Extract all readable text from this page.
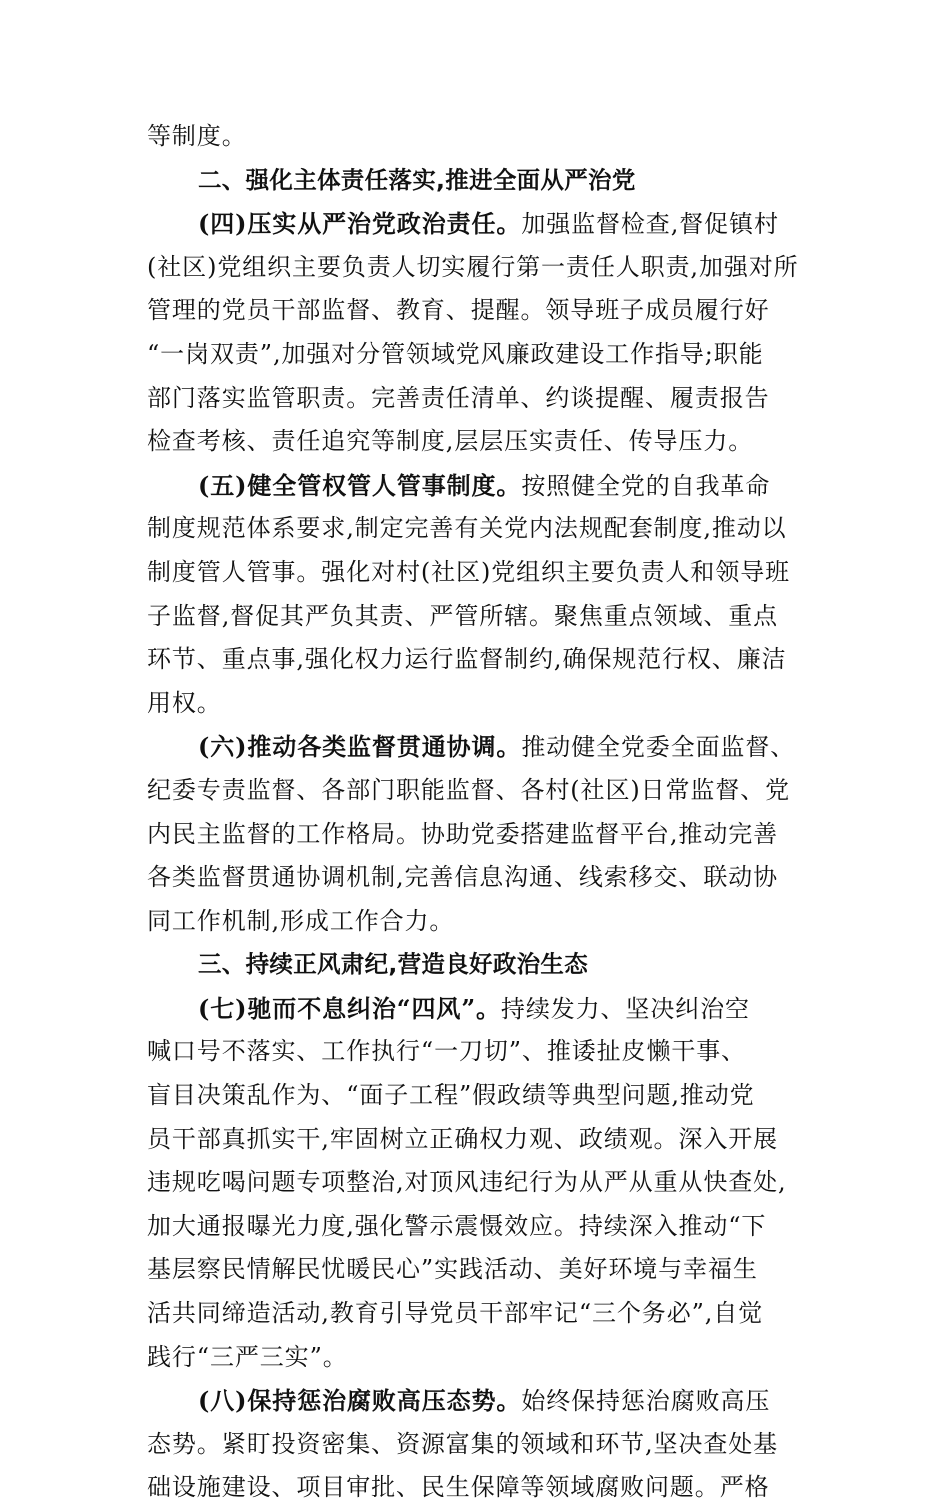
等制度。
二、强化主体责任落实,推进全面从严治党
(四)压实从严治党政治责任。加强监督检查,督促镇村
(社区)党组织主要负责人切实履行第一责任人职责,加强对所
管理的党员干部监督、教育、提醒。领导班子成员履行好
“一岗双责”,加强对分管领域党风廉政建设工作指导;职能
部门落实监管职责。完善责任清单、约谈提醒、履责报告
检查考核、责任追究等制度,层层压实责任、传导压力。
(五)健全管权管人管事制度。按照健全党的自我革命
制度规范体系要求,制定完善有关党内法规配套制度,推动以
制度管人管事。强化对村(社区)党组织主要负责人和领导班
子监督,督促其严负其责、严管所辖。聚焦重点领域、重点
环节、重点事,强化权力运行监督制约,确保规范行权、廉洁
用权。
(六)推动各类监督贯通协调。推动健全党委全面监督、
纪委专责监督、各部门职能监督、各村(社区)日常监督、党
内民主监督的工作格局。协助党委搭建监督平台,推动完善
各类监督贯通协调机制,完善信息沟通、线索移交、联动协
同工作机制,形成工作合力。
三、持续正风肃纪,营造良好政治生态
(七)驰而不息纠治“四风”。持续发力、坚决纠治空
喊口号不落实、工作执行“一刀切”、推诿扯皮懒干事、
盲目决策乱作为、“面子工程”假政绩等典型问题,推动党
员干部真抓实干,牢固树立正确权力观、政绩观。深入开展
违规吃喝问题专项整治,对顶风违纪行为从严从重从快查处,
加大通报曝光力度,强化警示震慑效应。持续深入推动“下
基层察民情解民忧暖民心”实践活动、美好环境与幸福生
活共同缔造活动,教育引导党员干部牢记“三个务必”,自觉
践行“三严三实”。
(八)保持惩治腐败高压态势。始终保持惩治腐败高压
态势。紧盯投资密集、资源富集的领域和环节,坚决查处基
础设施建设、项目审批、民生保障等领域腐败问题。严格
